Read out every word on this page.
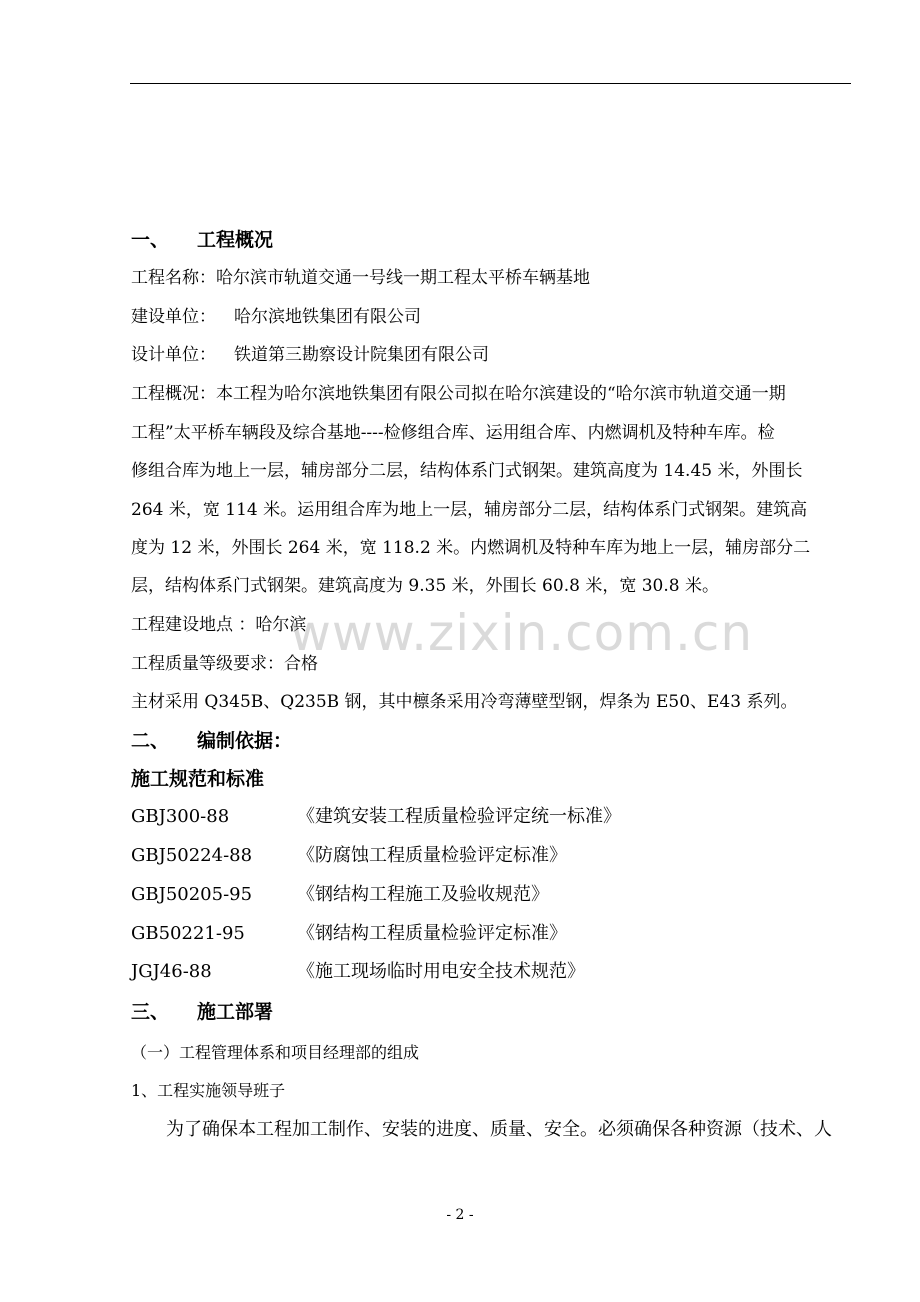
一、 工程概况
工程名称：哈尔滨市轨道交通一号线一期工程太平桥车辆基地
建设单位： 哈尔滨地铁集团有限公司
设计单位： 铁道第三勘察设计院集团有限公司
工程概况：本工程为哈尔滨地铁集团有限公司拟在哈尔滨建设的“哈尔滨市轨道交通一期
工程”太平桥车辆段及综合基地----检修组合库、运用组合库、内燃调机及特种车库。检
修组合库为地上一层，辅房部分二层，结构体系门式钢架。建筑高度为 14.45 米，外围长
264 米，宽 114 米。运用组合库为地上一层，辅房部分二层，结构体系门式钢架。建筑高
度为 12 米，外围长 264 米，宽 118.2 米。内燃调机及特种车库为地上一层，辅房部分二
层，结构体系门式钢架。建筑高度为 9.35 米，外围长 60.8 米，宽 30.8 米。
工程建设地点 ：哈尔滨
工程质量等级要求：合格
主材采用 Q345B、Q235B 钢，其中檩条采用冷弯薄壁型钢，焊条为 E50、E43 系列。
二、 编制依据：
施工规范和标准
GBJ300-88	《建筑安装工程质量检验评定统一标准》
GBJ50224-88 《防腐蚀工程质量检验评定标准》
GBJ50205-95 《钢结构工程施工及验收规范》
GB50221-95	《钢结构工程质量检验评定标准》
JGJ46-88	《施工现场临时用电安全技术规范》
三、 施工部署
（一）工程管理体系和项目经理部的组成
1、工程实施领导班子
为了确保本工程加工制作、安装的进度、质量、安全。必须确保各种资源（技术、人
www.zixin.com.cn
- 2 -
